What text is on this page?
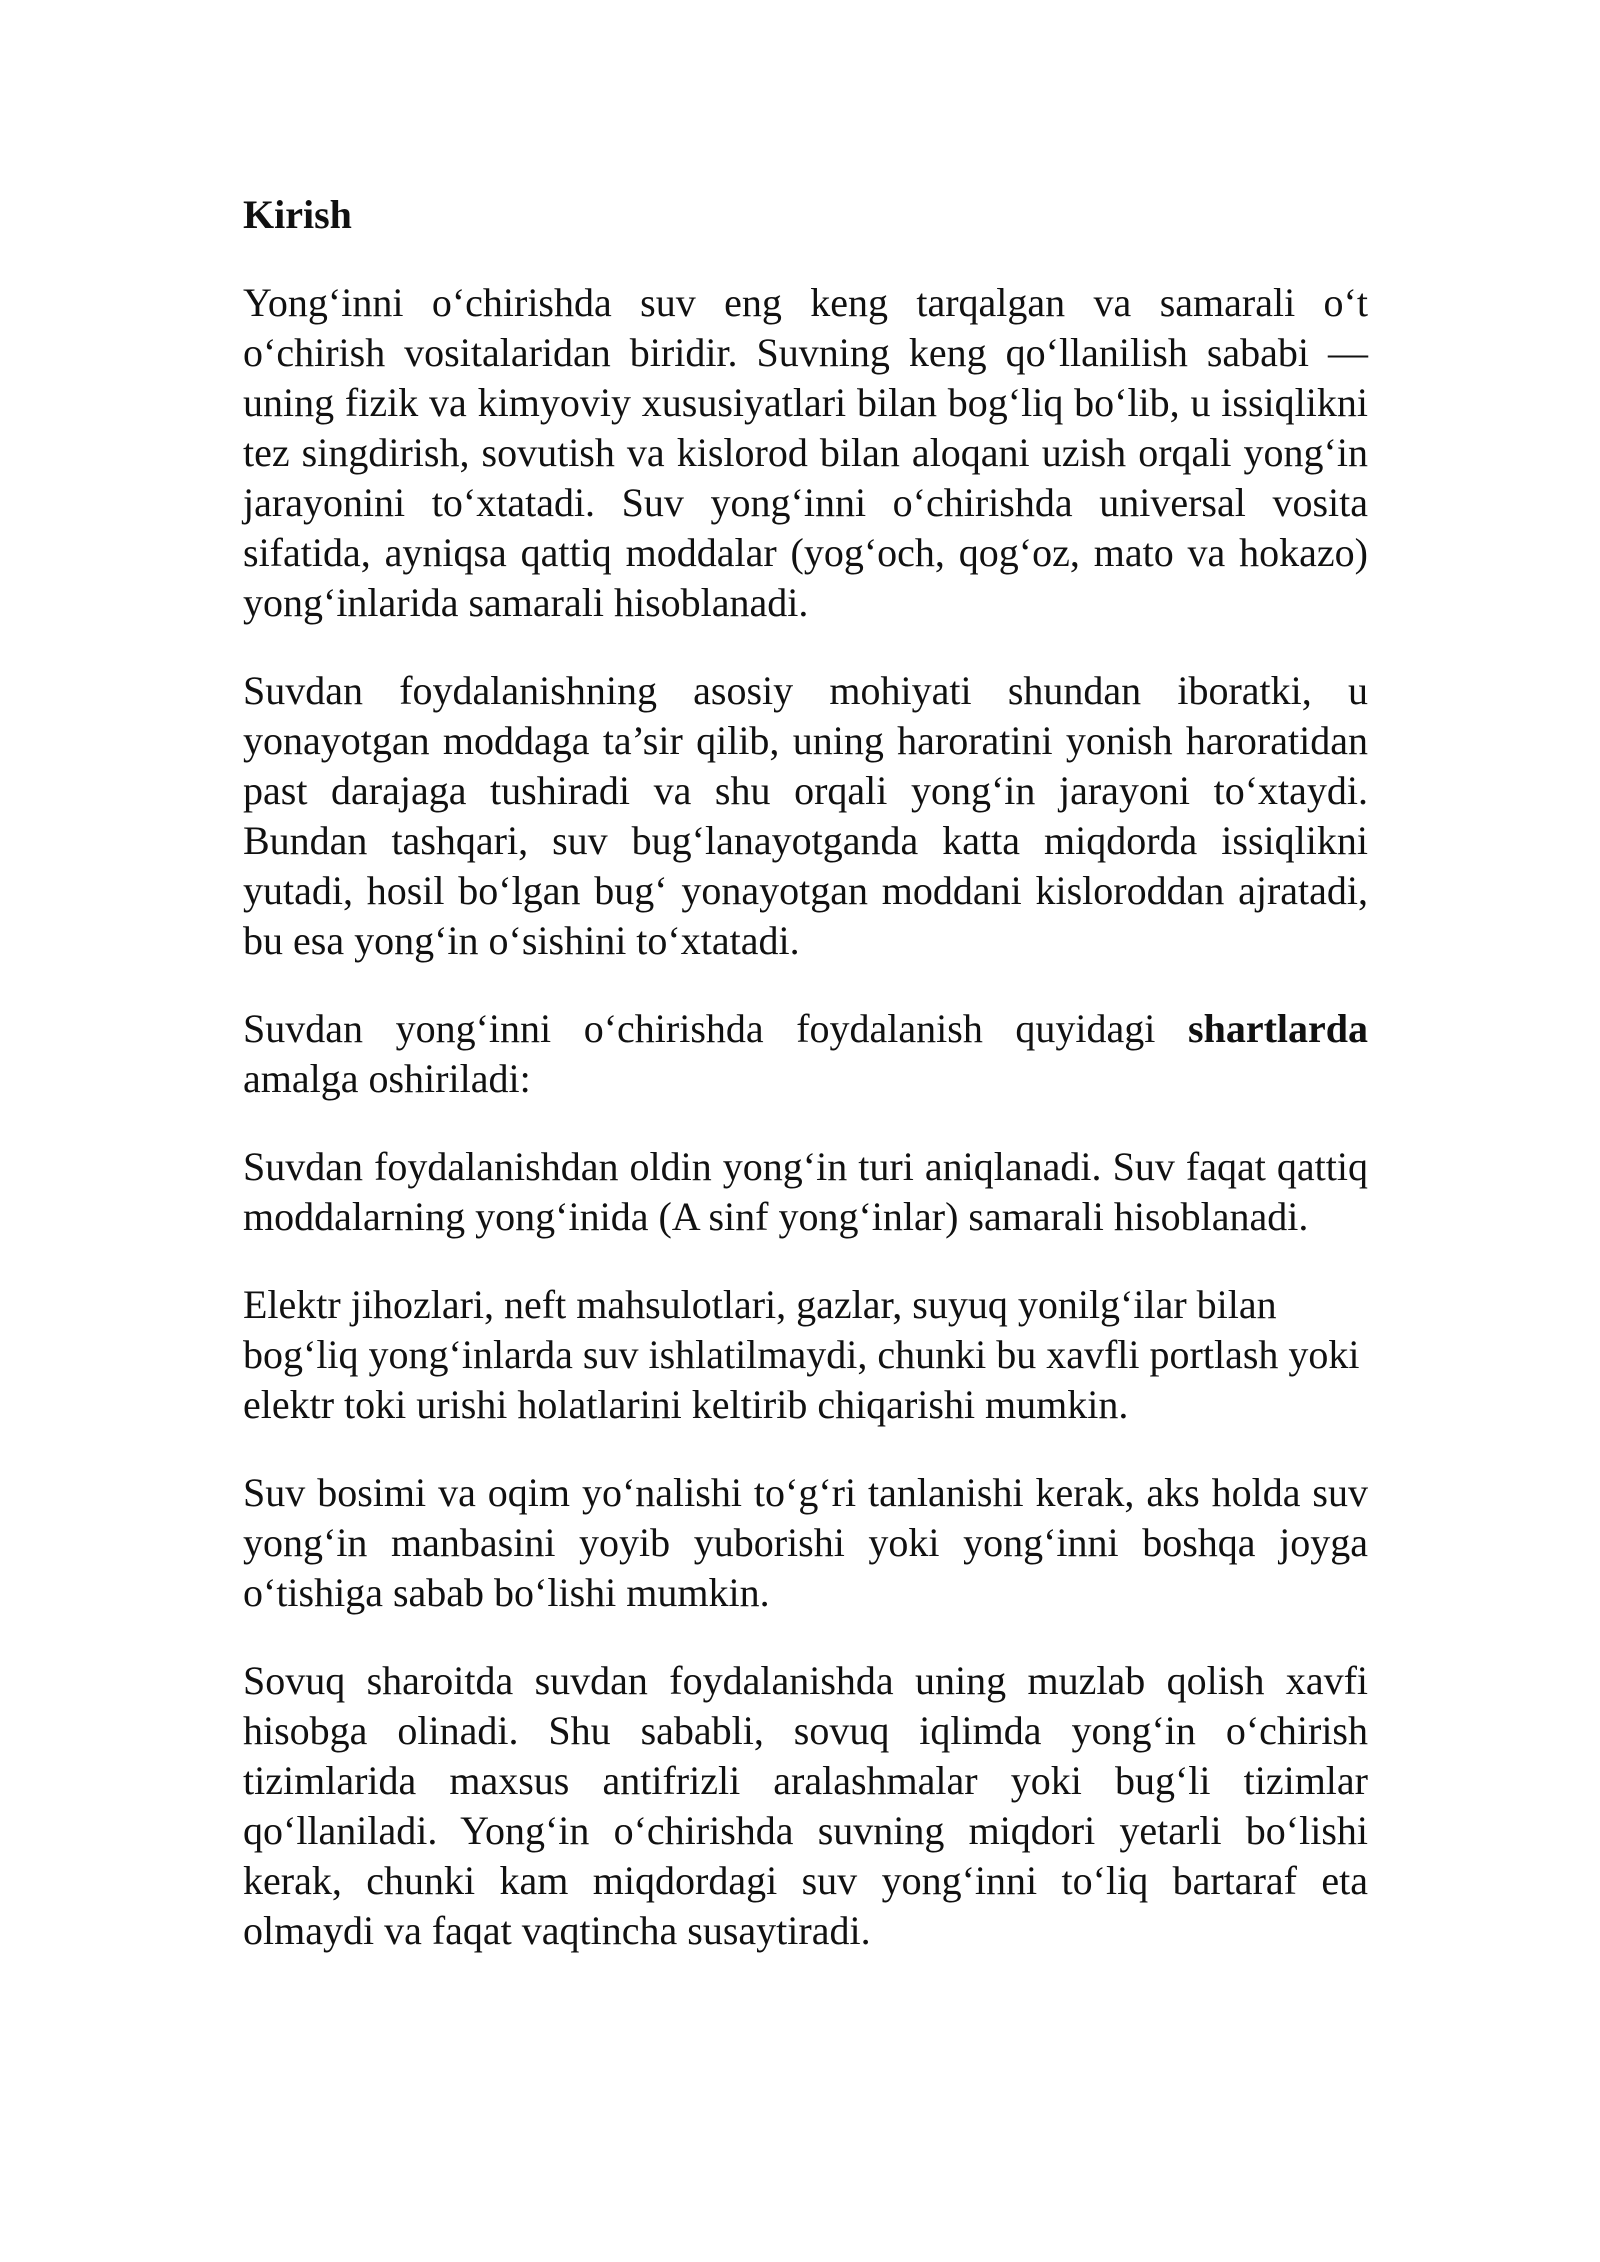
Kirish

Yong‘inni o‘chirishda suv eng keng tarqalgan va samarali o‘t o‘chirish vositalaridan biridir. Suvning keng qo‘llanilish sababi — uning fizik va kimyoviy xususiyatlari bilan bog‘liq bo‘lib, u issiqlikni tez singdirish, sovutish va kislorod bilan aloqani uzish orqali yong‘in jarayonini to‘xtatadi. Suv yong‘inni o‘chirishda universal vosita sifatida, ayniqsa qattiq moddalar (yog‘och, qog‘oz, mato va hokazo) yong‘inlarida samarali hisoblanadi.

Suvdan foydalanishning asosiy mohiyati shundan iboratki, u yonayotgan moddaga ta’sir qilib, uning haroratini yonish haroratidan past darajaga tushiradi va shu orqali yong‘in jarayoni to‘xtaydi. Bundan tashqari, suv bug‘lanayotganda katta miqdorda issiqlikni yutadi, hosil bo‘lgan bug‘ yonayotgan moddani kisloroddan ajratadi, bu esa yong‘in o‘sishini to‘xtatadi.

Suvdan yong‘inni o‘chirishda foydalanish quyidagi shartlarda amalga oshiriladi:

Suvdan foydalanishdan oldin yong‘in turi aniqlanadi. Suv faqat qattiq moddalarning yong‘inida (A sinf yong‘inlar) samarali hisoblanadi.

Elektr jihozlari, neft mahsulotlari, gazlar, suyuq yonilg‘ilar bilan bog‘liq yong‘inlarda suv ishlatilmaydi, chunki bu xavfli portlash yoki elektr toki urishi holatlarini keltirib chiqarishi mumkin.

Suv bosimi va oqim yo‘nalishi to‘g‘ri tanlanishi kerak, aks holda suv yong‘in manbasini yoyib yuborishi yoki yong‘inni boshqa joyga o‘tishiga sabab bo‘lishi mumkin.

Sovuq sharoitda suvdan foydalanishda uning muzlab qolish xavfi hisobga olinadi. Shu sababli, sovuq iqlimda yong‘in o‘chirish tizimlarida maxsus antifrizli aralashmalar yoki bug‘li tizimlar qo‘llaniladi. Yong‘in o‘chirishda suvning miqdori yetarli bo‘lishi kerak, chunki kam miqdordagi suv yong‘inni to‘liq bartaraf eta olmaydi va faqat vaqtincha susaytiradi.
